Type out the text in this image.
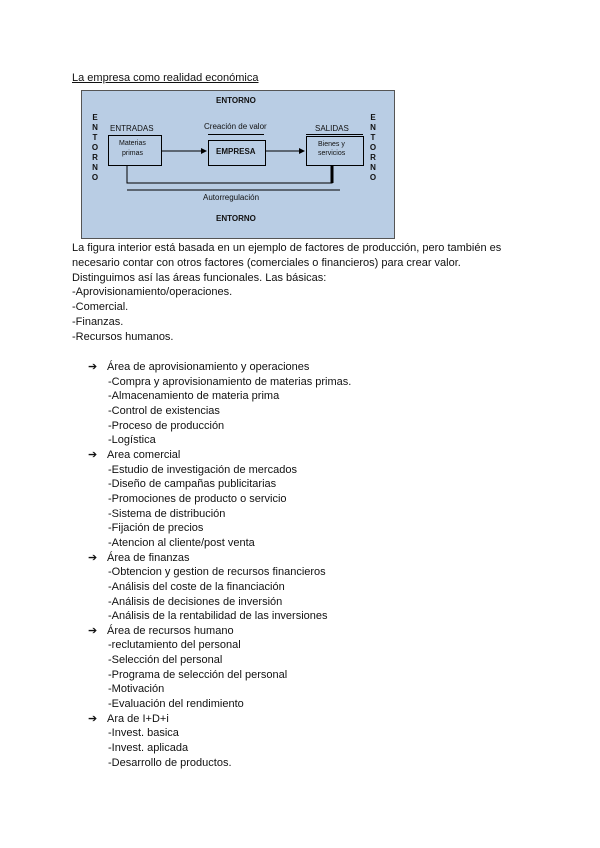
La empresa como realidad económica
ENTORNO
E
N
T
O
R
N
O
E
N
T
O
R
N
O
ENTRADAS
Materias
primas
Creación de valor
EMPRESA
SALIDAS
Bienes y
servicios
Autorregulación
ENTORNO
La figura interior está basada en un ejemplo de factores de producción, pero también es
necesario contar con otros factores (comerciales o financieros) para crear valor.
Distinguimos así las áreas funcionales. Las básicas:
-Aprovisionamiento/operaciones.
-Comercial.
-Finanzas.
-Recursos humanos.
➔ Área de aprovisionamiento y operaciones
-Compra y aprovisionamiento de materias primas.
-Almacenamiento de materia prima
-Control de existencias
-Proceso de producción
-Logística
➔ Area comercial
-Estudio de investigación de mercados
-Diseño de campañas publicitarias
-Promociones de producto o servicio
-Sistema de distribución
-Fijación de precios
-Atencion al cliente/post venta
➔ Área de finanzas
-Obtencion y gestion de recursos financieros
-Análisis del coste de la financiación
-Análisis de decisiones de inversión
-Análisis de la rentabilidad de las inversiones
➔ Área de recursos humano
-reclutamiento del personal
-Selección del personal
-Programa de selección del personal
-Motivación
-Evaluación del rendimiento
➔ Ara de I+D+i
-Invest. basica
-Invest. aplicada
-Desarrollo de productos.
